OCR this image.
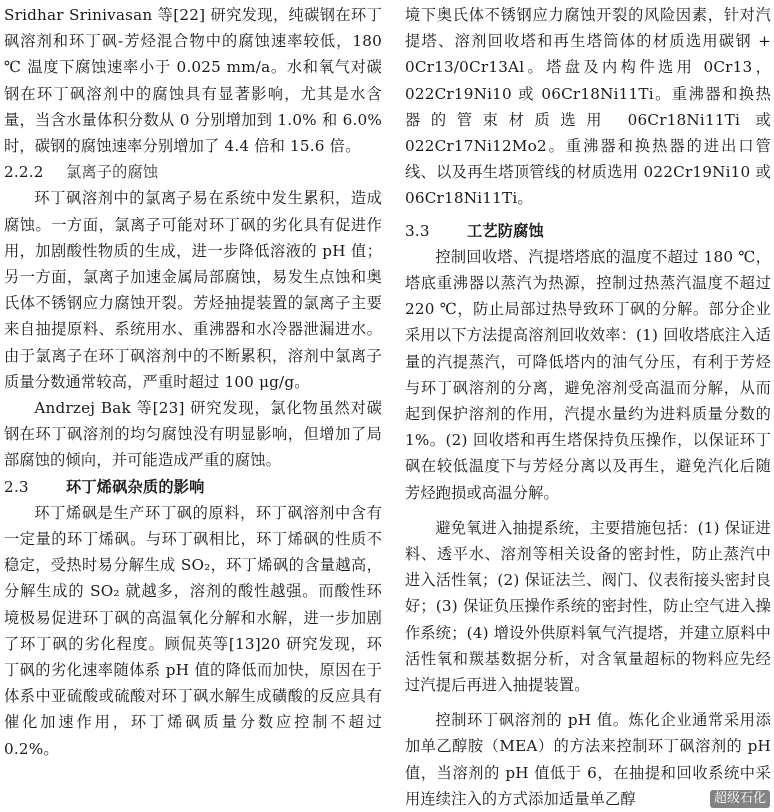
Sridhar Srinivasan 等[22] 研究发现，纯碳钢在环丁砜溶剂和环丁砜-芳烃混合物中的腐蚀速率较低，180 ℃ 温度下腐蚀速率小于 0.025 mm/a。水和氧气对碳钢在环丁砜溶剂中的腐蚀具有显著影响，尤其是水含量，当含水量体积分数从 0 分别增加到 1.0% 和 6.0% 时，碳钢的腐蚀速率分别增加了 4.4 倍和 15.6 倍。

2.2.2 氯离子的腐蚀

环丁砜溶剂中的氯离子易在系统中发生累积，造成腐蚀。一方面，氯离子可能对环丁砜的劣化具有促进作用，加剧酸性物质的生成，进一步降低溶液的 pH 值；另一方面，氯离子加速金属局部腐蚀，易发生点蚀和奥氏体不锈钢应力腐蚀开裂。芳烃抽提装置的氯离子主要来自抽提原料、系统用水、重沸器和水冷器泄漏进水。由于氯离子在环丁砜溶剂中的不断累积，溶剂中氯离子质量分数通常较高，严重时超过 100 μg/g。

Andrzej Bak 等[23] 研究发现，氯化物虽然对碳钢在环丁砜溶剂的均匀腐蚀没有明显影响，但增加了局部腐蚀的倾向，并可能造成严重的腐蚀。

2.3 环丁烯砜杂质的影响

环丁烯砜是生产环丁砜的原料，环丁砜溶剂中含有一定量的环丁烯砜。与环丁砜相比，环丁烯砜的性质不稳定，受热时易分解生成 SO₂，环丁烯砜的含量越高，分解生成的 SO₂ 就越多，溶剂的酸性越强。而酸性环境极易促进环丁砜的高温氧化分解和水解，进一步加剧了环丁砜的劣化程度。顾侃英等[13]20 研究发现，环丁砜的劣化速率随体系 pH 值的降低而加快，原因在于体系中亚硫酸或硫酸对环丁砜水解生成磺酸的反应具有催化加速作用，环丁烯砜质量分数应控制不超过 0.2%。

境下奥氏体不锈钢应力腐蚀开裂的风险因素，针对汽提塔、溶剂回收塔和再生塔筒体的材质选用碳钢 + 0Cr13/0Cr13Al。塔盘及内构件选用 0Cr13，022Cr19Ni10 或 06Cr18Ni11Ti。重沸器和换热器的管束材质选用 06Cr18Ni11Ti 或 022Cr17Ni12Mo2。重沸器和换热器的进出口管线、以及再生塔顶管线的材质选用 022Cr19Ni10 或 06Cr18Ni11Ti。

3.3 工艺防腐蚀

控制回收塔、汽提塔塔底的温度不超过 180 ℃，塔底重沸器以蒸汽为热源，控制过热蒸汽温度不超过 220 ℃，防止局部过热导致环丁砜的分解。部分企业采用以下方法提高溶剂回收效率：(1) 回收塔底注入适量的汽提蒸汽，可降低塔内的油气分压，有利于芳烃与环丁砜溶剂的分离，避免溶剂受高温而分解，从而起到保护溶剂的作用，汽提水量约为进料质量分数的 1%。(2) 回收塔和再生塔保持负压操作，以保证环丁砜在较低温度下与芳烃分离以及再生，避免汽化后随芳烃跑损或高温分解。

避免氧进入抽提系统，主要措施包括：(1) 保证进料、透平水、溶剂等相关设备的密封性，防止蒸汽中进入活性氧；(2) 保证法兰、阀门、仪表衔接头密封良好；(3) 保证负压操作系统的密封性，防止空气进入操作系统；(4) 增设外供原料氧气汽提塔，并建立原料中活性氧和羰基数据分析，对含氧量超标的物料应先经过汽提后再进入抽提装置。

控制环丁砜溶剂的 pH 值。炼化企业通常采用添加单乙醇胺（MEA）的方法来控制环丁砜溶剂的 pH 值，当溶剂的 pH 值低于 6，在抽提和回收系统中采用连续注入的方式添加适量单乙醇	超级石化
